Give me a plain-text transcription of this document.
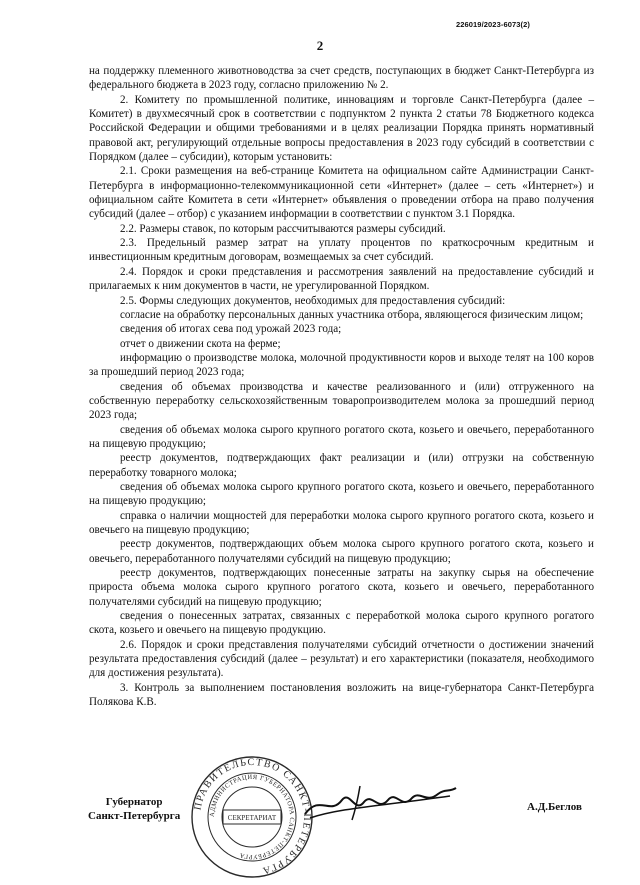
226019/2023-6073(2)
2

на поддержку племенного животноводства за счет средств, поступающих в бюджет Санкт-Петербурга из федерального бюджета в 2023 году, согласно приложению № 2.

2. Комитету по промышленной политике, инновациям и торговле Санкт-Петербурга (далее – Комитет) в двухмесячный срок в соответствии с подпунктом 2 пункта 2 статьи 78 Бюджетного кодекса Российской Федерации и общими требованиями и в целях реализации Порядка принять нормативный правовой акт, регулирующий отдельные вопросы предоставления в 2023 году субсидий в соответствии с Порядком (далее – субсидии), которым установить:

2.1. Сроки размещения на веб-странице Комитета на официальном сайте Администрации Санкт-Петербурга в информационно-телекоммуникационной сети «Интернет» (далее – сеть «Интернет») и официальном сайте Комитета в сети «Интернет» объявления о проведении отбора на право получения субсидий (далее – отбор) с указанием информации в соответствии с пунктом 3.1 Порядка.

2.2. Размеры ставок, по которым рассчитываются размеры субсидий.

2.3. Предельный размер затрат на уплату процентов по краткосрочным кредитным и инвестиционным кредитным договорам, возмещаемых за счет субсидий.

2.4. Порядок и сроки представления и рассмотрения заявлений на предоставление субсидий и прилагаемых к ним документов в части, не урегулированной Порядком.

2.5. Формы следующих документов, необходимых для предоставления субсидий:

согласие на обработку персональных данных участника отбора, являющегося физическим лицом;

сведения об итогах сева под урожай 2023 года;

отчет о движении скота на ферме;

информацию о производстве молока, молочной продуктивности коров и выходе телят на 100 коров за прошедший период 2023 года;

сведения об объемах производства и качестве реализованного и (или) отгруженного на собственную переработку сельскохозяйственным товаропроизводителем молока за прошедший период 2023 года;

сведения об объемах молока сырого крупного рогатого скота, козьего и овечьего, переработанного на пищевую продукцию;

реестр документов, подтверждающих факт реализации и (или) отгрузки на собственную переработку товарного молока;

сведения об объемах молока сырого крупного рогатого скота, козьего и овечьего, переработанного на пищевую продукцию;

справка о наличии мощностей для переработки молока сырого крупного рогатого скота, козьего и овечьего на пищевую продукцию;

реестр документов, подтверждающих объем молока сырого крупного рогатого скота, козьего и овечьего, переработанного получателями субсидий на пищевую продукцию;

реестр документов, подтверждающих понесенные затраты на закупку сырья на обеспечение прироста объема молока сырого крупного рогатого скота, козьего и овечьего, переработанного получателями субсидий на пищевую продукцию;

сведения о понесенных затратах, связанных с переработкой молока сырого крупного рогатого скота, козьего и овечьего на пищевую продукцию.

2.6. Порядок и сроки представления получателями субсидий отчетности о достижении значений результата предоставления субсидий (далее – результат) и его характеристики (показателя, необходимого для достижения результата).

3. Контроль за выполнением постановления возложить на вице-губернатора Санкт-Петербурга Полякова К.В.

Губернатор
Санкт-Петербурга
ПРАВИТЕЛЬСТВО САНКТ-ПЕТЕРБУРГА
АДМИНИСТРАЦИЯ ГУБЕРНАТОРА САНКТ-ПЕТЕРБУРГА
СЕКРЕТАРИАТ
А.Д.Беглов
